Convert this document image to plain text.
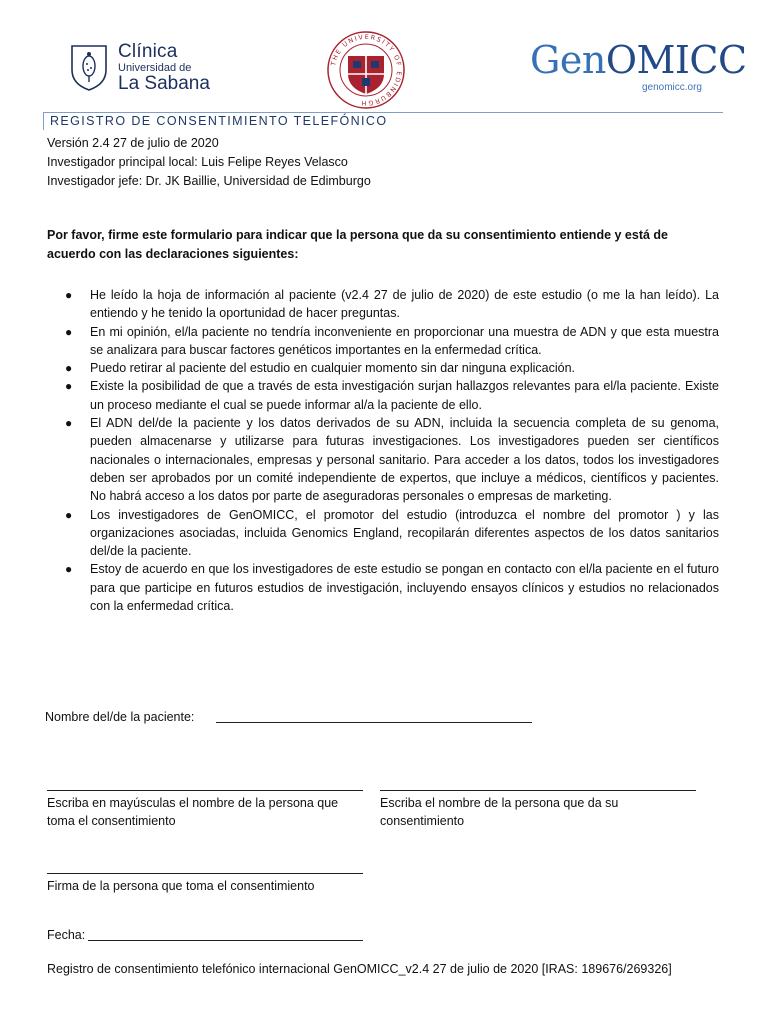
Clínica
Universidad de
La Sabana
THE UNIVERSITY OF EDINBURGH
GenOMICC
genomicc.org
REGISTRO DE CONSENTIMIENTO TELEFÓNICO
Versión 2.4 27 de julio de 2020
Investigador principal local: Luis Felipe Reyes Velasco
Investigador jefe: Dr. JK Baillie, Universidad de Edimburgo
Por favor, firme este formulario para indicar que la persona que da su consentimiento entiende y está de acuerdo con las declaraciones siguientes:
● He leído la hoja de información al paciente (v2.4 27 de julio de 2020) de este estudio (o me la han leído). La entiendo y he tenido la oportunidad de hacer preguntas.
● En mi opinión, el/la paciente no tendría inconveniente en proporcionar una muestra de ADN y que esta muestra se analizara para buscar factores genéticos importantes en la enfermedad crítica.
● Puedo retirar al paciente del estudio en cualquier momento sin dar ninguna explicación.
● Existe la posibilidad de que a través de esta investigación surjan hallazgos relevantes para el/la paciente. Existe un proceso mediante el cual se puede informar al/a la paciente de ello.
● El ADN del/de la paciente y los datos derivados de su ADN, incluida la secuencia completa de su genoma, pueden almacenarse y utilizarse para futuras investigaciones. Los investigadores pueden ser científicos nacionales o internacionales, empresas y personal sanitario. Para acceder a los datos, todos los investigadores deben ser aprobados por un comité independiente de expertos, que incluye a médicos, científicos y pacientes. No habrá acceso a los datos por parte de aseguradoras personales o empresas de marketing.
● Los investigadores de GenOMICC, el promotor del estudio (introduzca el nombre del promotor ) y las organizaciones asociadas, incluida Genomics England, recopilarán diferentes aspectos de los datos sanitarios del/de la paciente.
● Estoy de acuerdo en que los investigadores de este estudio se pongan en contacto con el/la paciente en el futuro para que participe en futuros estudios de investigación, incluyendo ensayos clínicos y estudios no relacionados con la enfermedad crítica.
Nombre del/de la paciente:
Escriba en mayúsculas el nombre de la persona que toma el consentimiento
Escriba el nombre de la persona que da su consentimiento
Firma de la persona que toma el consentimiento
Fecha:
Registro de consentimiento telefónico internacional GenOMICC_v2.4 27 de julio de 2020 [IRAS: 189676/269326]
